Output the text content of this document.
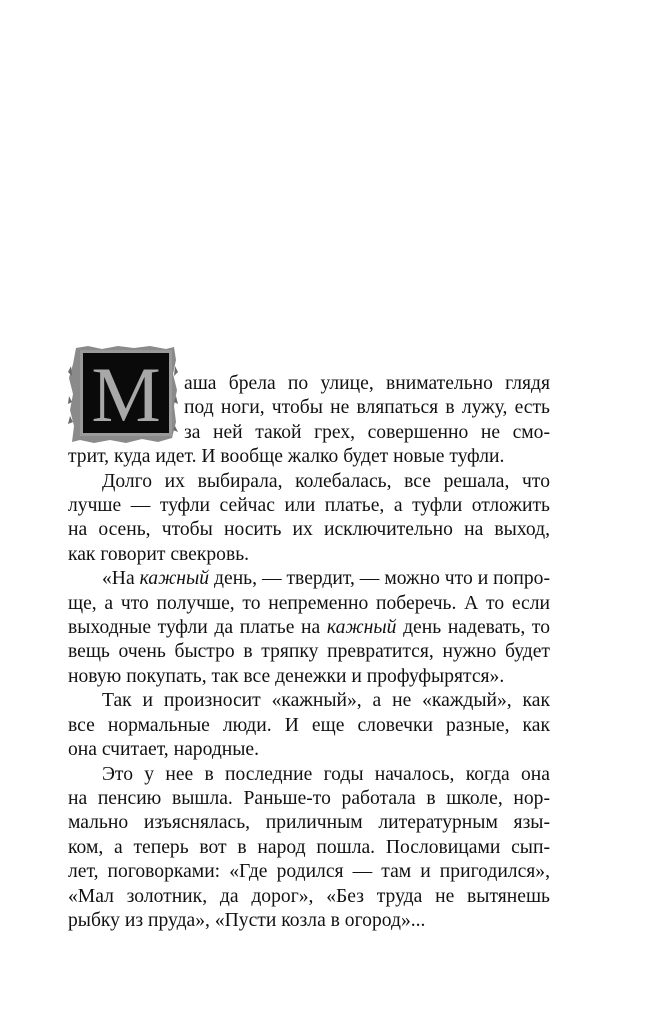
М	аша брела по улице, внимательно глядя
под ноги, чтобы не вляпаться в лужу, есть
за ней такой грех, совершенно не смо-
трит, куда идет. И вообще жалко будет новые туфли.
Долго их выбирала, колебалась, все решала, что
лучше — туфли сейчас или платье, а туфли отложить
на осень, чтобы носить их исключительно на выход,
как говорит свекровь.
«На кажный день, — твердит, — можно что и попро-
ще, а что получше, то непременно поберечь. А то если
выходные туфли да платье на кажный день надевать, то
вещь очень быстро в тряпку превратится, нужно будет
новую покупать, так все денежки и профуфырятся».
Так и произносит «кажный», а не «каждый», как
все нормальные люди. И еще словечки разные, как
она считает, народные.
Это у нее в последние годы началось, когда она
на пенсию вышла. Раньше-то работала в школе, нор-
мально изъяснялась, приличным литературным язы-
ком, а теперь вот в народ пошла. Пословицами сып-
лет, поговорками: «Где родился — там и пригодился»,
«Мал золотник, да дорог», «Без труда не вытянешь
рыбку из пруда», «Пусти козла в огород»...
